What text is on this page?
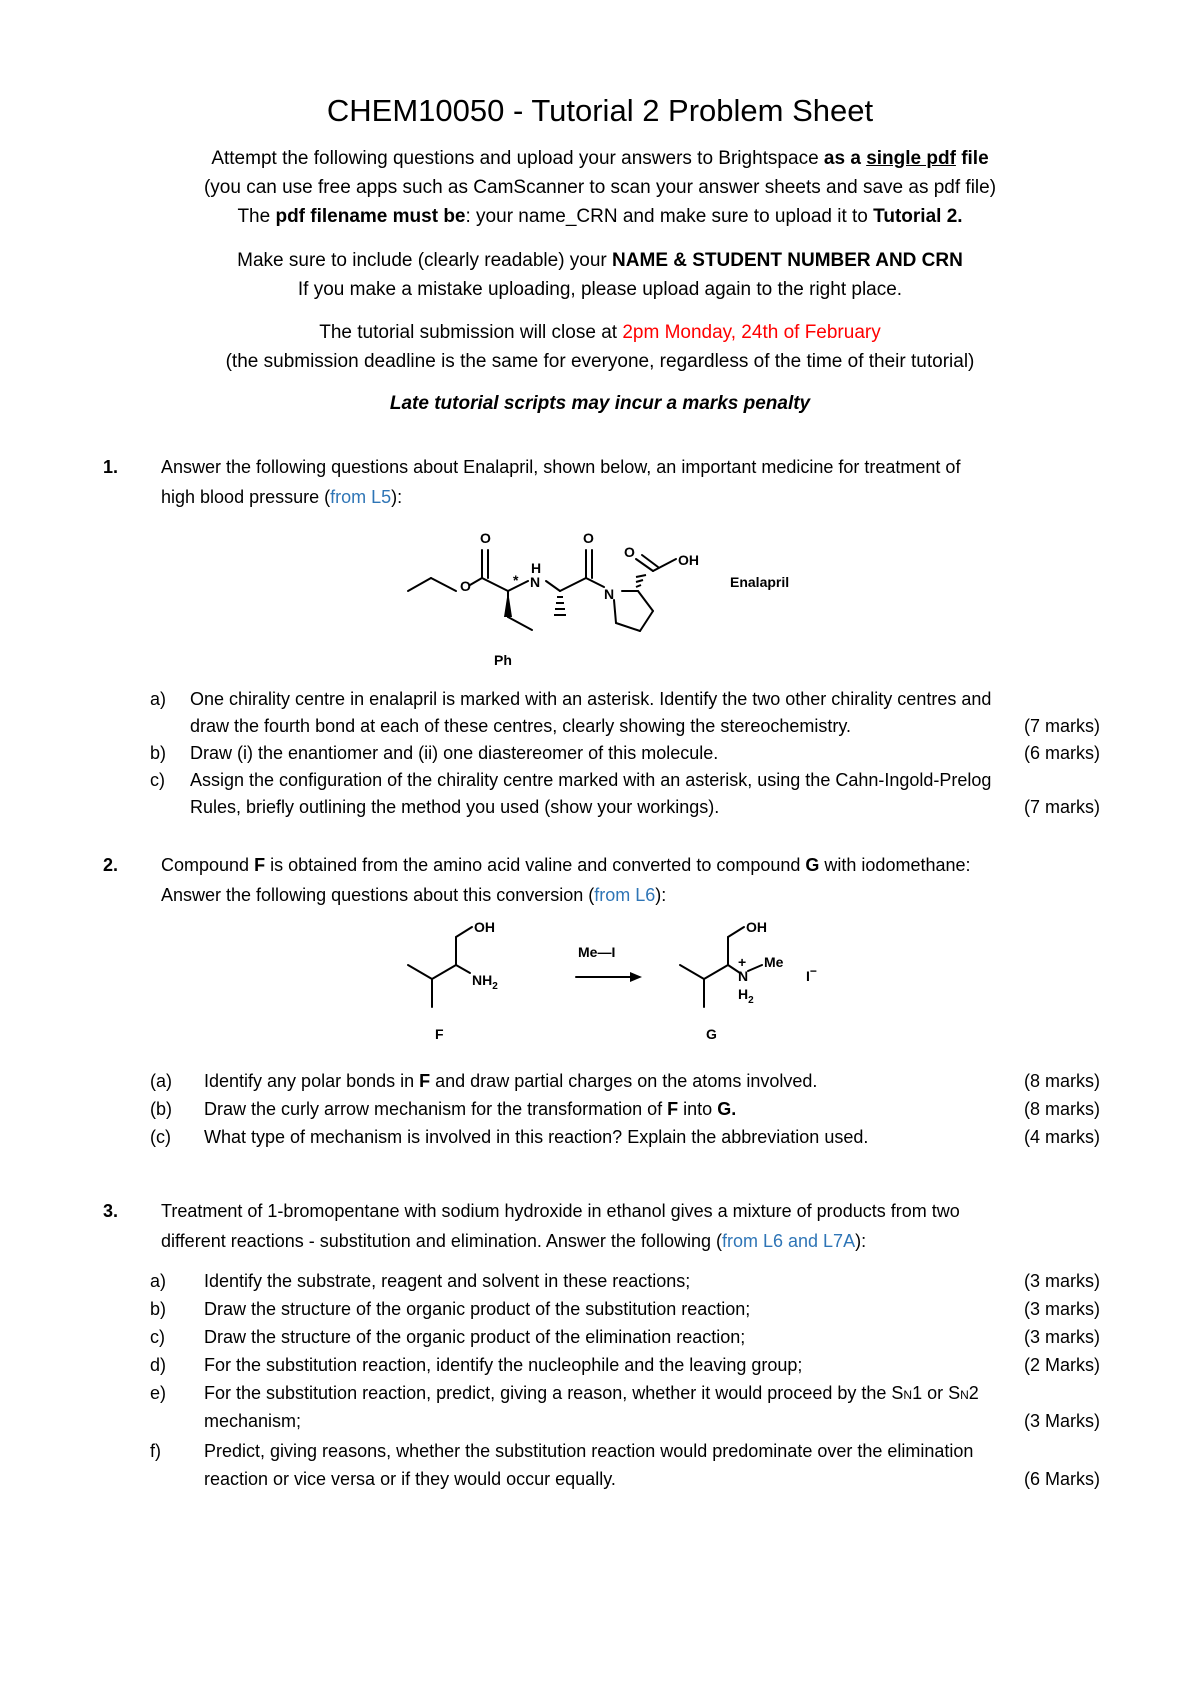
CHEM10050 - Tutorial 2 Problem Sheet
Attempt the following questions and upload your answers to Brightspace as a single pdf file
(you can use free apps such as CamScanner to scan your answer sheets and save as pdf file)
The pdf filename must be: your name_CRN and make sure to upload it to Tutorial 2.
Make sure to include (clearly readable) your NAME & STUDENT NUMBER AND CRN
If you make a mistake uploading, please upload again to the right place.
The tutorial submission will close at 2pm Monday, 24th of February
(the submission deadline is the same for everyone, regardless of the time of their tutorial)
Late tutorial scripts may incur a marks penalty
1. Answer the following questions about Enalapril, shown below, an important medicine for treatment of
high blood pressure (from L5):
O
O	O
O
* N
H
N
OH
Ph
Enalapril
a) One chirality centre in enalapril is marked with an asterisk. Identify the two other chirality centres and
draw the fourth bond at each of these centres, clearly showing the stereochemistry.	(7 marks)
b) Draw (i) the enantiomer and (ii) one diastereomer of this molecule.	(6 marks)
c) Assign the configuration of the chirality centre marked with an asterisk, using the Cahn-Ingold-Prelog
Rules, briefly outlining the method you used (show your workings).	(7 marks)
2. Compound F is obtained from the amino acid valine and converted to compound G with iodomethane:
Answer the following questions about this conversion (from L6):
OH
$NH_2$
F
Me—I
OH
+
N
Me
$H_2$
I−
G
(a) Identify any polar bonds in F and draw partial charges on the atoms involved.	(8 marks)
(b) Draw the curly arrow mechanism for the transformation of F into G.	(8 marks)
(c) What type of mechanism is involved in this reaction? Explain the abbreviation used.	(4 marks)
3. Treatment of 1-bromopentane with sodium hydroxide in ethanol gives a mixture of products from two
different reactions - substitution and elimination. Answer the following (from L6 and L7A):
a) Identify the substrate, reagent and solvent in these reactions;	(3 marks)
b) Draw the structure of the organic product of the substitution reaction;	(3 marks)
c) Draw the structure of the organic product of the elimination reaction;	(3 marks)
d) For the substitution reaction, identify the nucleophile and the leaving group;	(2 Marks)
e) For the substitution reaction, predict, giving a reason, whether it would proceed by the SN1 or SN2
mechanism;	(3 Marks)
f) Predict, giving reasons, whether the substitution reaction would predominate over the elimination
reaction or vice versa or if they would occur equally.	(6 Marks)
